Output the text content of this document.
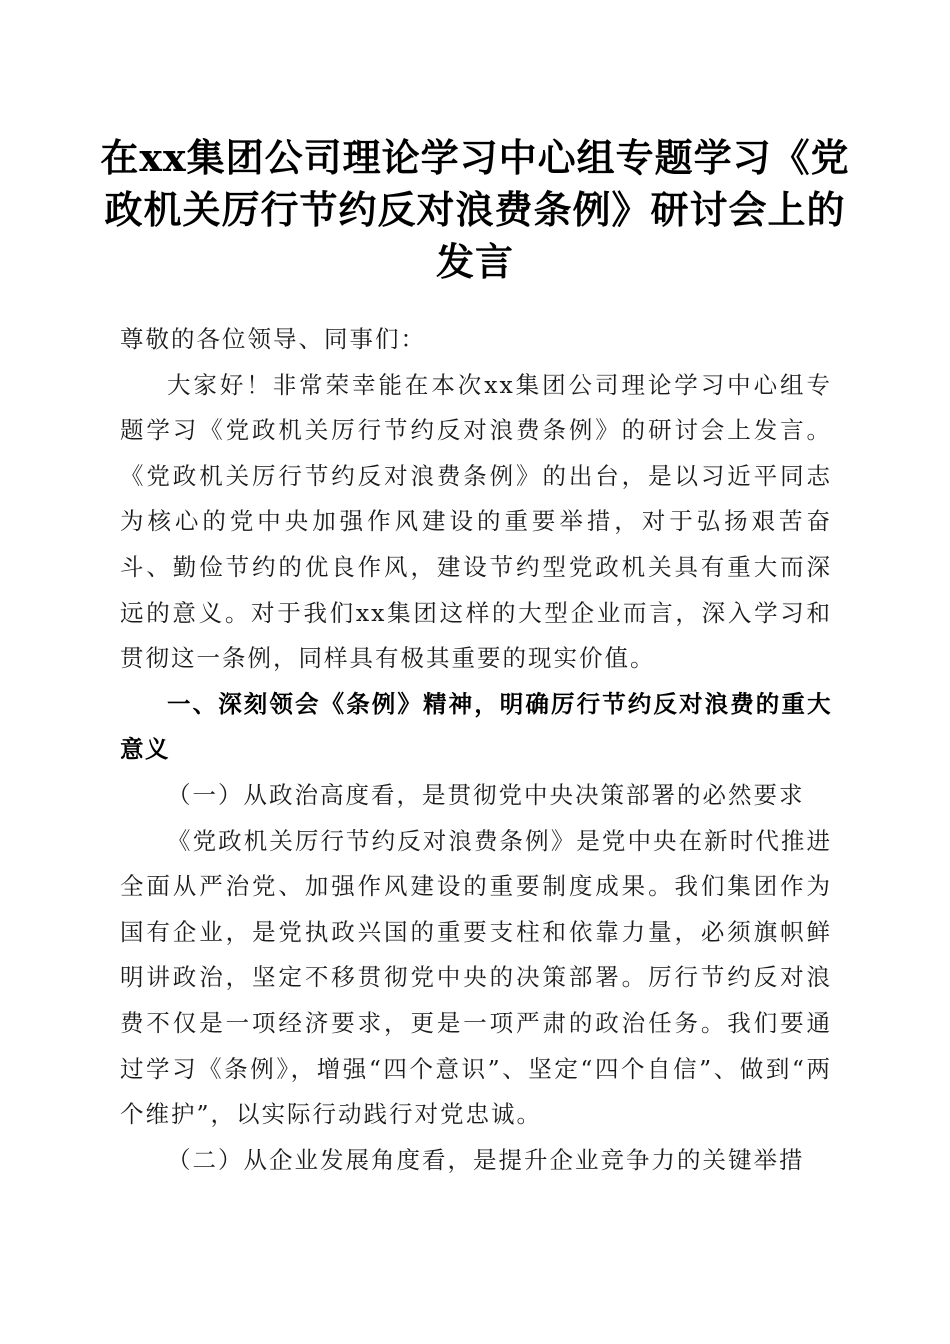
在xx集团公司理论学习中心组专题学习《党政机关厉行节约反对浪费条例》研讨会上的发言

尊敬的各位领导、同事们：

大家好！非常荣幸能在本次xx集团公司理论学习中心组专题学习《党政机关厉行节约反对浪费条例》的研讨会上发言。《党政机关厉行节约反对浪费条例》的出台，是以习近平同志为核心的党中央加强作风建设的重要举措，对于弘扬艰苦奋斗、勤俭节约的优良作风，建设节约型党政机关具有重大而深远的意义。对于我们xx集团这样的大型企业而言，深入学习和贯彻这一条例，同样具有极其重要的现实价值。

一、深刻领会《条例》精神，明确厉行节约反对浪费的重大意义

（一）从政治高度看，是贯彻党中央决策部署的必然要求

《党政机关厉行节约反对浪费条例》是党中央在新时代推进全面从严治党、加强作风建设的重要制度成果。我们集团作为国有企业，是党执政兴国的重要支柱和依靠力量，必须旗帜鲜明讲政治，坚定不移贯彻党中央的决策部署。厉行节约反对浪费不仅是一项经济要求，更是一项严肃的政治任务。我们要通过学习《条例》，增强“四个意识”、坚定“四个自信”、做到“两个维护”，以实际行动践行对党忠诚。

（二）从企业发展角度看，是提升企业竞争力的关键举措
